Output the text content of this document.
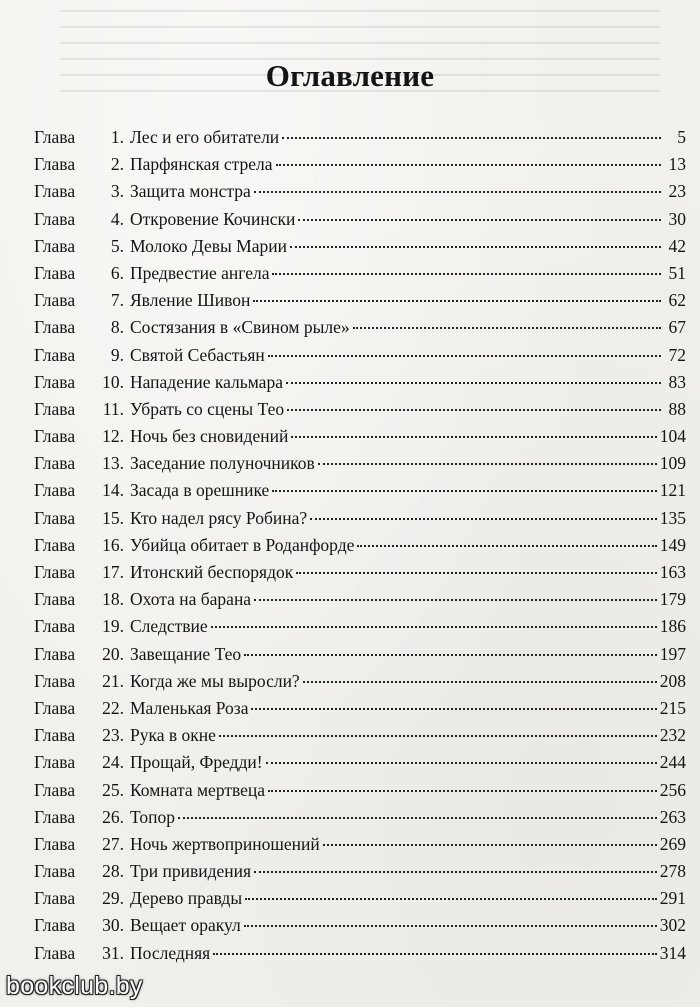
Оглавление
Глава	1. Лес и его обитатели	5
Глава	2. Парфянская стрела	13
Глава	3. Защита монстра	23
Глава	4. Откровение Кочински	30
Глава	5. Молоко Девы Марии	42
Глава	6. Предвестие ангела	51
Глава	7. Явление Шивон	62
Глава	8. Состязания в «Свином рыле»	67
Глава	9. Святой Себастьян	72
Глава	10. Нападение кальмара	83
Глава	11. Убрать со сцены Тео	88
Глава	12. Ночь без сновидений	104
Глава	13. Заседание полуночников	109
Глава	14. Засада в орешнике	121
Глава	15. Кто надел рясу Робина?	135
Глава	16. Убийца обитает в Роданфорде	149
Глава	17. Итонский беспорядок	163
Глава	18. Охота на барана	179
Глава	19. Следствие	186
Глава	20. Завещание Тео	197
Глава	21. Когда же мы выросли?	208
Глава	22. Маленькая Роза	215
Глава	23. Рука в окне	232
Глава	24. Прощай, Фредди!	244
Глава	25. Комната мертвеца	256
Глава	26. Топор	263
Глава	27. Ночь жертвоприношений	269
Глава	28. Три привидения	278
Глава	29. Дерево правды	291
Глава	30. Вещает оракул	302
Глава	31. Последняя	314
bookclub.by
